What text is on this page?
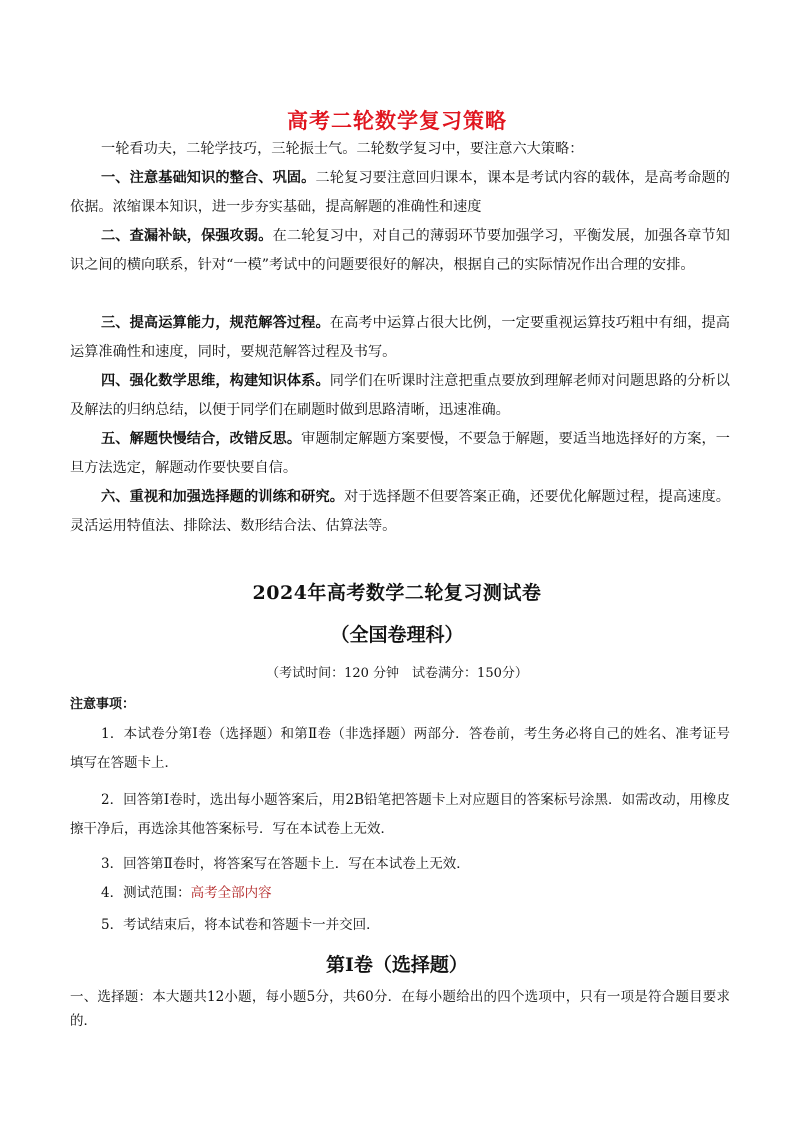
高考二轮数学复习策略

一轮看功夫，二轮学技巧，三轮振士气。二轮数学复习中，要注意六大策略：

一、注意基础知识的整合、巩固。二轮复习要注意回归课本，课本是考试内容的载体，是高考命题的依据。浓缩课本知识，进一步夯实基础，提高解题的准确性和速度

二、查漏补缺，保强攻弱。在二轮复习中，对自己的薄弱环节要加强学习，平衡发展，加强各章节知识之间的横向联系，针对“一模”考试中的问题要很好的解决，根据自己的实际情况作出合理的安排。

三、提高运算能力，规范解答过程。在高考中运算占很大比例，一定要重视运算技巧粗中有细，提高运算准确性和速度，同时，要规范解答过程及书写。

四、强化数学思维，构建知识体系。同学们在听课时注意把重点要放到理解老师对问题思路的分析以及解法的归纳总结，以便于同学们在刷题时做到思路清晰，迅速准确。

五、解题快慢结合，改错反思。审题制定解题方案要慢，不要急于解题，要适当地选择好的方案，一旦方法选定，解题动作要快要自信。

六、重视和加强选择题的训练和研究。对于选择题不但要答案正确，还要优化解题过程，提高速度。灵活运用特值法、排除法、数形结合法、估算法等。

2024年高考数学二轮复习测试卷
（全国卷理科）
（考试时间：120 分钟　试卷满分：150分）
注意事项：

1．本试卷分第Ⅰ卷（选择题）和第Ⅱ卷（非选择题）两部分．答卷前，考生务必将自己的姓名、准考证号填写在答题卡上．

2．回答第Ⅰ卷时，选出每小题答案后，用2B铅笔把答题卡上对应题目的答案标号涂黑．如需改动，用橡皮擦干净后，再选涂其他答案标号．写在本试卷上无效．

3．回答第Ⅱ卷时，将答案写在答题卡上．写在本试卷上无效．

4．测试范围：高考全部内容

5．考试结束后，将本试卷和答题卡一并交回．

第Ⅰ卷（选择题）

一、选择题：本大题共12小题，每小题5分，共60分．在每小题给出的四个选项中，只有一项是符合题目要求的．
